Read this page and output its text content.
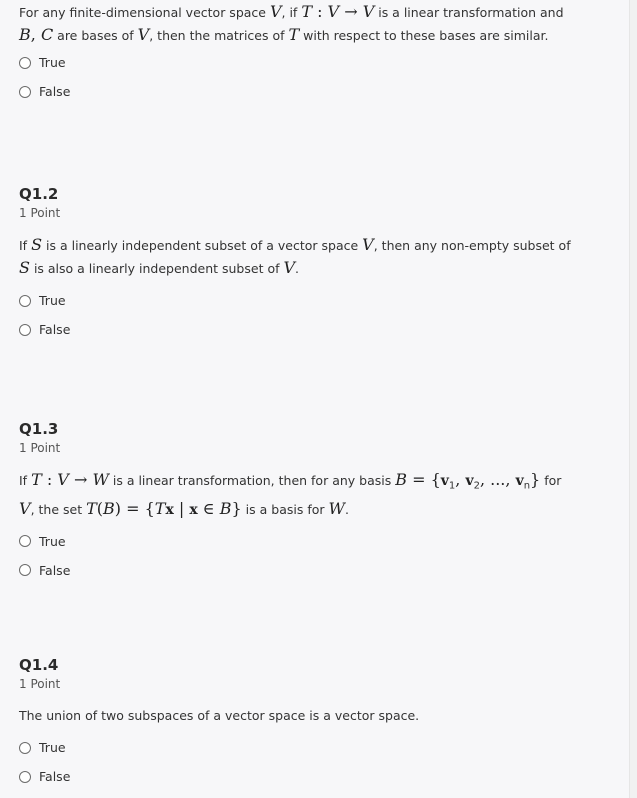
For any finite-dimensional vector space V, if T : V → V is a linear transformation and
B, C are bases of V, then the matrices of T with respect to these bases are similar.

True
False

Q1.2

1 Point

If S is a linearly independent subset of a vector space V, then any non-empty subset of
S is also a linearly independent subset of V.

True
False

Q1.3

1 Point

If T : V → W is a linear transformation, then for any basis $B = \{v_1$, $v_2$, ..., $v_n$} for
V, the set T(B) = {Tx | x ∈ B} is a basis for W.

True
False

Q1.4

1 Point

The union of two subspaces of a vector space is a vector space.

True
False
